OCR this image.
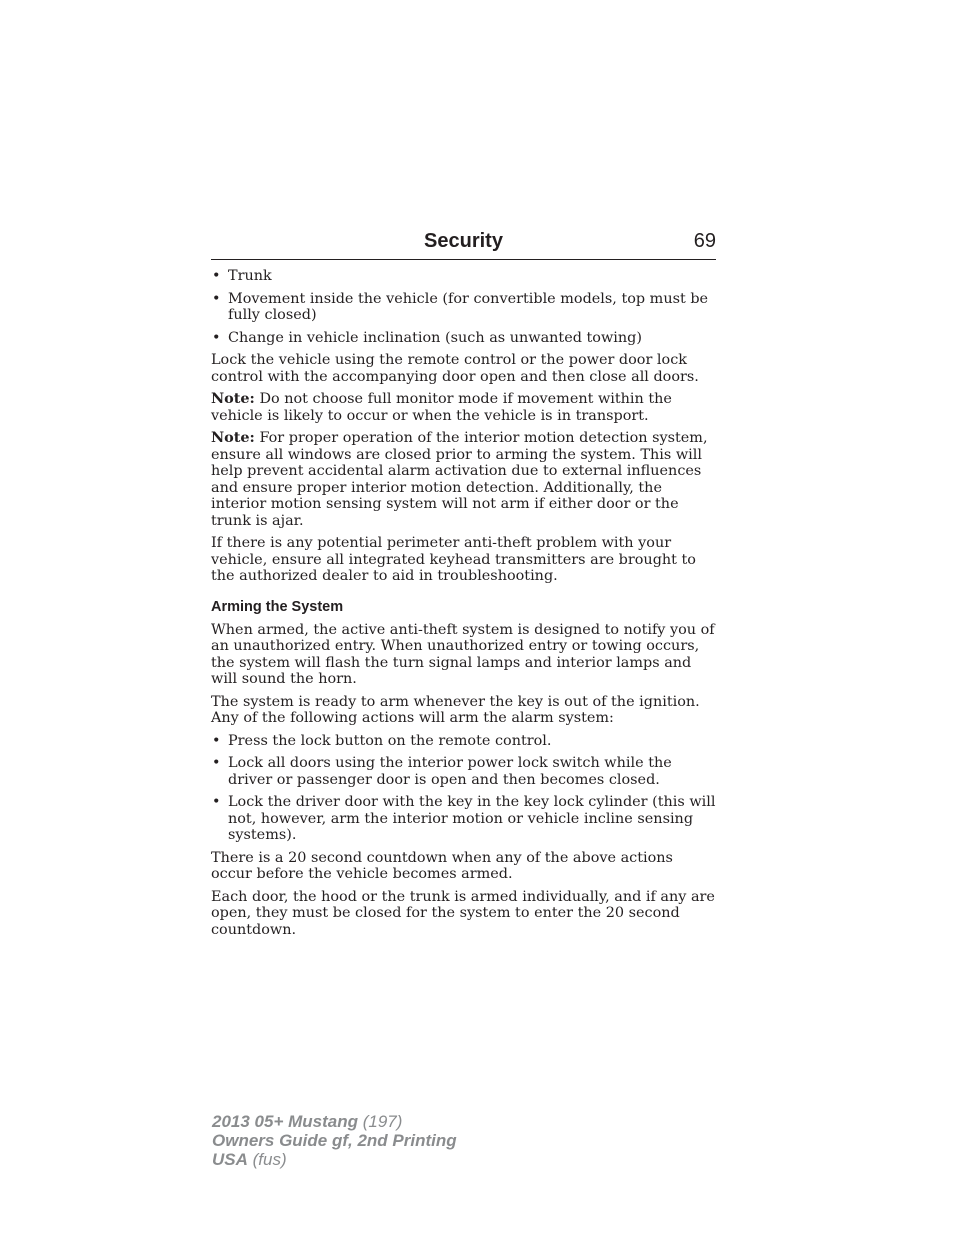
Security	69
• Trunk
• Movement inside the vehicle (for convertible models, top must be fully closed)
• Change in vehicle inclination (such as unwanted towing)

Lock the vehicle using the remote control or the power door lock control with the accompanying door open and then close all doors.

Note: Do not choose full monitor mode if movement within the vehicle is likely to occur or when the vehicle is in transport.

Note: For proper operation of the interior motion detection system, ensure all windows are closed prior to arming the system. This will help prevent accidental alarm activation due to external influences and ensure proper interior motion detection. Additionally, the interior motion sensing system will not arm if either door or the trunk is ajar.

If there is any potential perimeter anti-theft problem with your vehicle, ensure all integrated keyhead transmitters are brought to the authorized dealer to aid in troubleshooting.

Arming the System

When armed, the active anti-theft system is designed to notify you of an unauthorized entry. When unauthorized entry or towing occurs, the system will flash the turn signal lamps and interior lamps and will sound the horn.

The system is ready to arm whenever the key is out of the ignition. Any of the following actions will arm the alarm system:

• Press the lock button on the remote control.
• Lock all doors using the interior power lock switch while the driver or passenger door is open and then becomes closed.
• Lock the driver door with the key in the key lock cylinder (this will not, however, arm the interior motion or vehicle incline sensing systems).

There is a 20 second countdown when any of the above actions occur before the vehicle becomes armed.

Each door, the hood or the trunk is armed individually, and if any are open, they must be closed for the system to enter the 20 second countdown.

2013 05+ Mustang (197)
Owners Guide gf, 2nd Printing
USA (fus)
